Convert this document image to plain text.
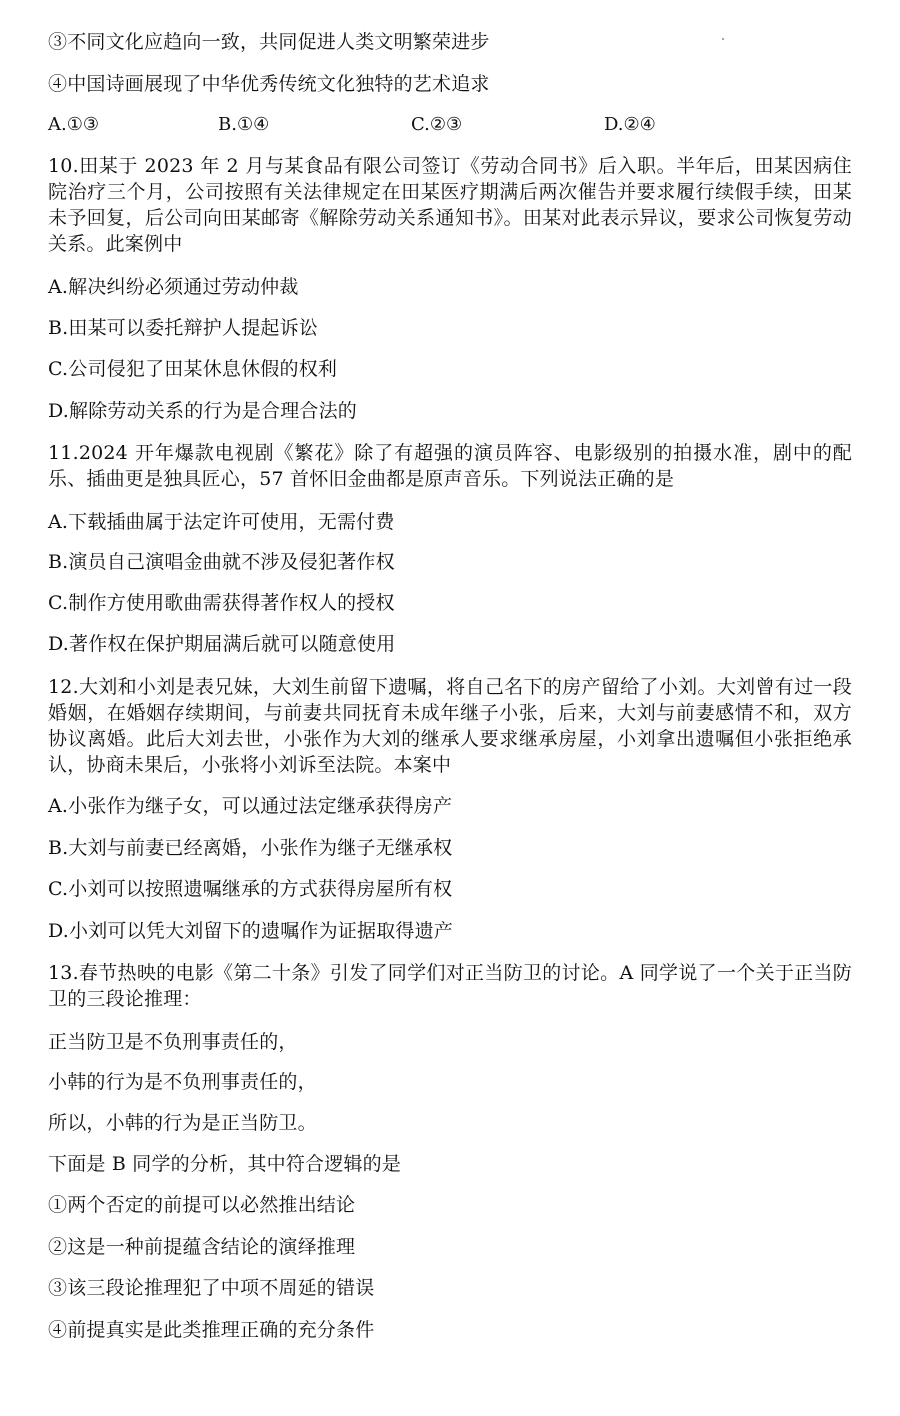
③不同文化应趋向一致，共同促进人类文明繁荣进步
④中国诗画展现了中华优秀传统文化独特的艺术追求
A.①③	B.①④	C.②③	D.②④
10.田某于 2023 年 2 月与某食品有限公司签订《劳动合同书》后入职。半年后，田某因病住院治疗三个月，公司按照有关法律规定在田某医疗期满后两次催告并要求履行续假手续，田某未予回复，后公司向田某邮寄《解除劳动关系通知书》。田某对此表示异议，要求公司恢复劳动关系。此案例中
A.解决纠纷必须通过劳动仲裁
B.田某可以委托辩护人提起诉讼
C.公司侵犯了田某休息休假的权利
D.解除劳动关系的行为是合理合法的
11.2024 开年爆款电视剧《繁花》除了有超强的演员阵容、电影级别的拍摄水准，剧中的配乐、插曲更是独具匠心，57 首怀旧金曲都是原声音乐。下列说法正确的是
A.下载插曲属于法定许可使用，无需付费
B.演员自己演唱金曲就不涉及侵犯著作权
C.制作方使用歌曲需获得著作权人的授权
D.著作权在保护期届满后就可以随意使用
12.大刘和小刘是表兄妹，大刘生前留下遗嘱，将自己名下的房产留给了小刘。大刘曾有过一段婚姻，在婚姻存续期间，与前妻共同抚育未成年继子小张，后来，大刘与前妻感情不和，双方协议离婚。此后大刘去世，小张作为大刘的继承人要求继承房屋，小刘拿出遗嘱但小张拒绝承认，协商未果后，小张将小刘诉至法院。本案中
A.小张作为继子女，可以通过法定继承获得房产
B.大刘与前妻已经离婚，小张作为继子无继承权
C.小刘可以按照遗嘱继承的方式获得房屋所有权
D.小刘可以凭大刘留下的遗嘱作为证据取得遗产
13.春节热映的电影《第二十条》引发了同学们对正当防卫的讨论。A 同学说了一个关于正当防卫的三段论推理：
正当防卫是不负刑事责任的，
小韩的行为是不负刑事责任的，
所以，小韩的行为是正当防卫。
下面是 B 同学的分析，其中符合逻辑的是
①两个否定的前提可以必然推出结论
②这是一种前提蕴含结论的演绎推理
③该三段论推理犯了中项不周延的错误
④前提真实是此类推理正确的充分条件
